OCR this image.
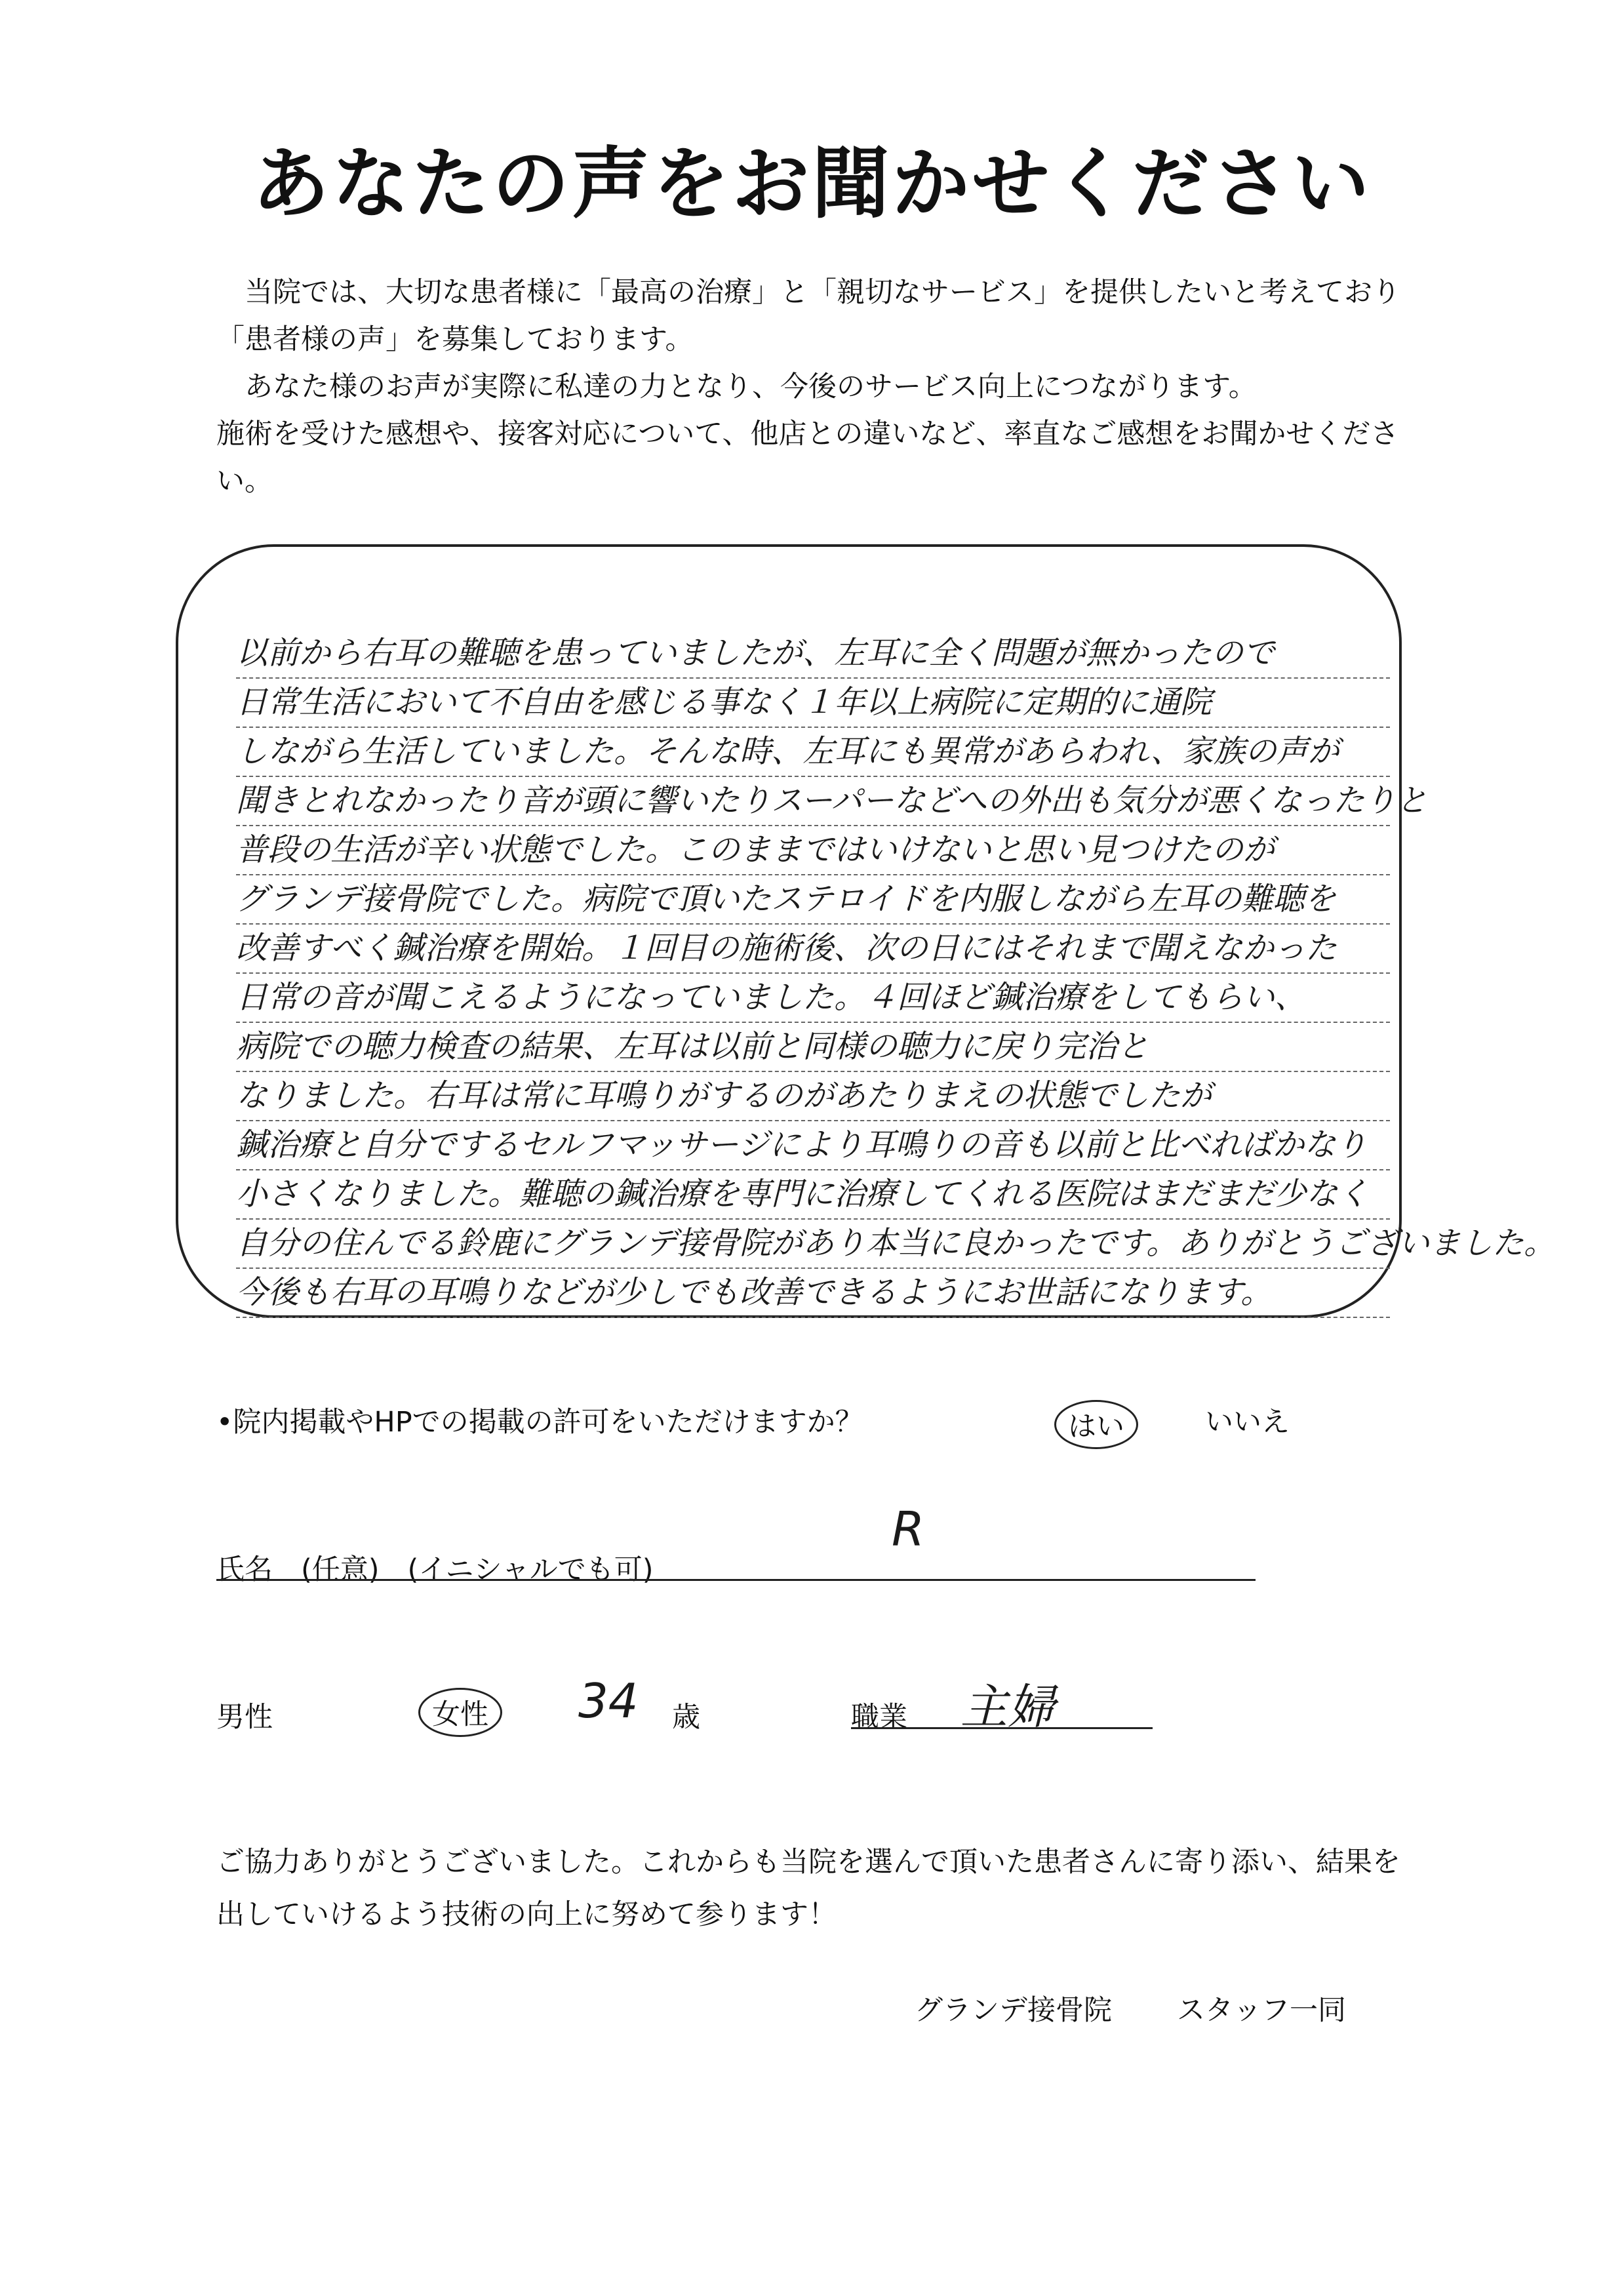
あなたの声をお聞かせください

当院では、大切な患者様に「最高の治療」と「親切なサービス」を提供したいと考えており「患者様の声」を募集しております。

あなた様のお声が実際に私達の力となり、今後のサービス向上につながります。

施術を受けた感想や、接客対応について、他店との違いなど、率直なご感想をお聞かせください。

以前から右耳の難聴を患っていましたが、左耳に全く問題が無かったので
日常生活において不自由を感じる事なく１年以上病院に定期的に通院
しながら生活していました。そんな時、左耳にも異常があらわれ、家族の声が
聞きとれなかったり音が頭に響いたりスーパーなどへの外出も気分が悪くなったりと
普段の生活が辛い状態でした。このままではいけないと思い見つけたのが
グランデ接骨院でした。病院で頂いたステロイドを内服しながら左耳の難聴を
改善すべく鍼治療を開始。１回目の施術後、次の日にはそれまで聞えなかった
日常の音が聞こえるようになっていました。４回ほど鍼治療をしてもらい、
病院での聴力検査の結果、左耳は以前と同様の聴力に戻り完治と
なりました。右耳は常に耳鳴りがするのがあたりまえの状態でしたが
鍼治療と自分でするセルフマッサージにより耳鳴りの音も以前と比べればかなり
小さくなりました。難聴の鍼治療を専門に治療してくれる医院はまだまだ少なく
自分の住んでる鈴鹿にグランデ接骨院があり本当に良かったです。ありがとうございました。
今後も右耳の耳鳴りなどが少しでも改善できるようにお世話になります。
•院内掲載やHPでの掲載の許可をいただけますか？	はい	いいえ
氏名　(任意)　(イニシャルでも可)
R
男性	女性 34 歳	職業 主婦
ご協力ありがとうございました。これからも当院を選んで頂いた患者さんに寄り添い、結果を出していけるよう技術の向上に努めて参ります！
グランデ接骨院 スタッフ一同
